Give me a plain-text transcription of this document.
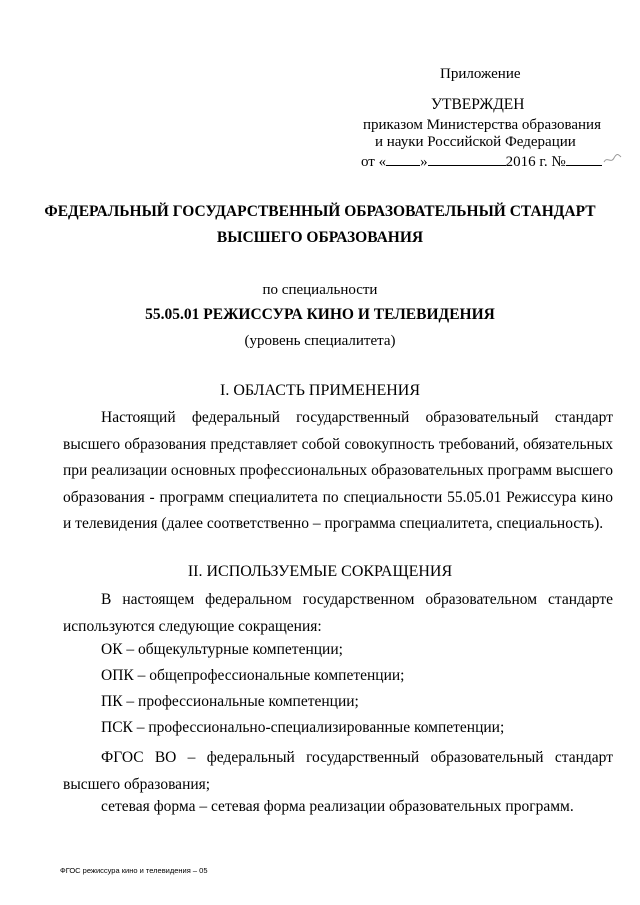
Приложение
УТВЕРЖДЕН
приказом Министерства образования
и науки Российской Федерации
от « »	2016 г. №
ФЕДЕРАЛЬНЫЙ ГОСУДАРСТВЕННЫЙ ОБРАЗОВАТЕЛЬНЫЙ СТАНДАРТ
ВЫСШЕГО ОБРАЗОВАНИЯ
по специальности
55.05.01 РЕЖИССУРА КИНО И ТЕЛЕВИДЕНИЯ
(уровень специалитета)
I. ОБЛАСТЬ ПРИМЕНЕНИЯ
Настоящий федеральный государственный образовательный стандарт высшего образования представляет собой совокупность требований, обязательных при реализации основных профессиональных образовательных программ высшего образования - программ специалитета по специальности 55.05.01 Режиссура кино и телевидения (далее соответственно – программа специалитета, специальность).
II. ИСПОЛЬЗУЕМЫЕ СОКРАЩЕНИЯ
В настоящем федеральном государственном образовательном стандарте используются следующие сокращения:
ОК – общекультурные компетенции;
ОПК – общепрофессиональные компетенции;
ПК – профессиональные компетенции;
ПСК – профессионально-специализированные компетенции;
ФГОС ВО – федеральный государственный образовательный стандарт высшего образования;
сетевая форма – сетевая форма реализации образовательных программ.
ФГОС режиссура кино и телевидения – 05
